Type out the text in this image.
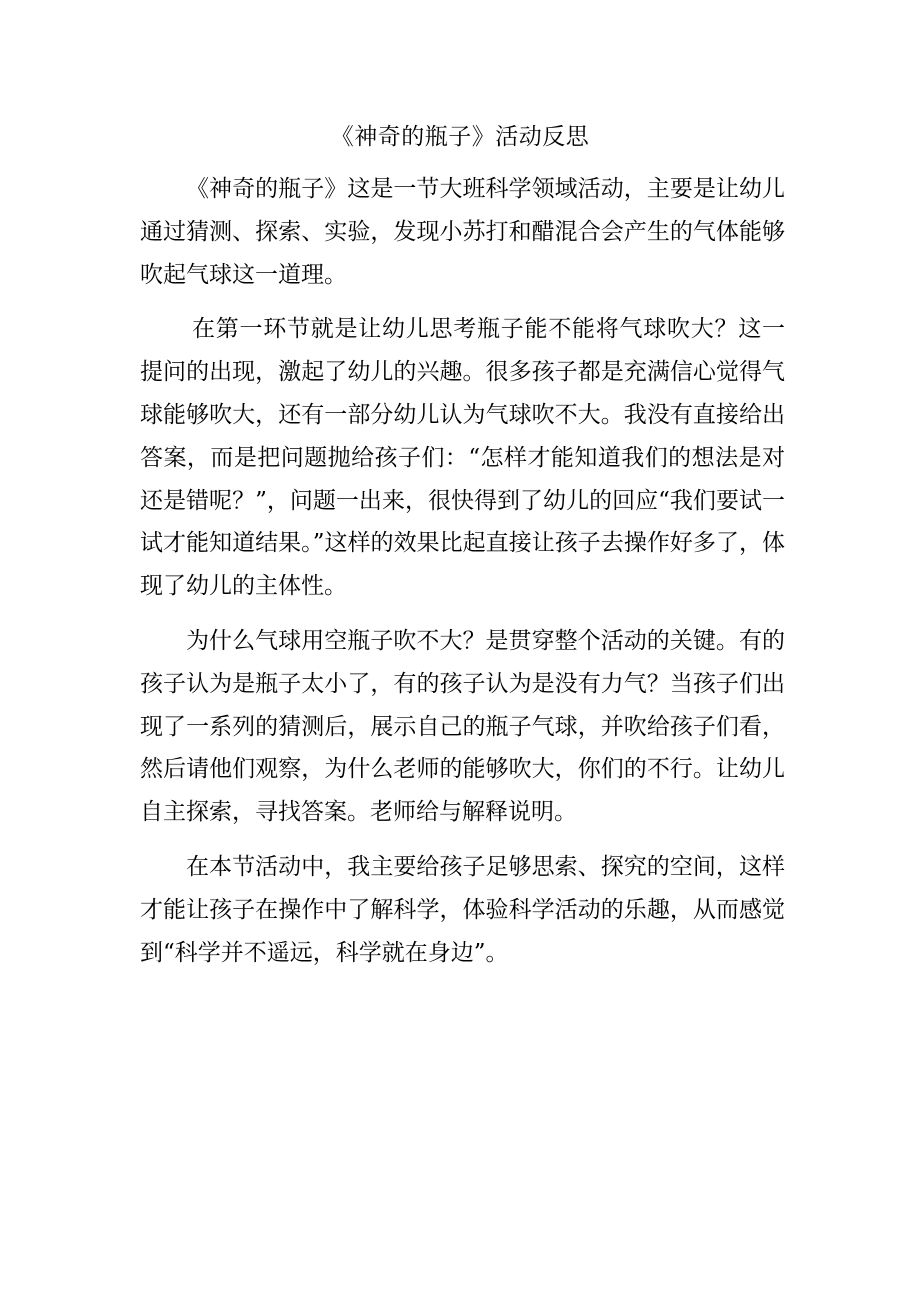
《神奇的瓶子》活动反思

《神奇的瓶子》这是一节大班科学领域活动，主要是让幼儿通过猜测、探索、实验，发现小苏打和醋混合会产生的气体能够吹起气球这一道理。

在第一环节就是让幼儿思考瓶子能不能将气球吹大？这一提问的出现，激起了幼儿的兴趣。很多孩子都是充满信心觉得气球能够吹大，还有一部分幼儿认为气球吹不大。我没有直接给出答案，而是把问题抛给孩子们：“怎样才能知道我们的想法是对还是错呢？”，问题一出来，很快得到了幼儿的回应“我们要试一试才能知道结果。”这样的效果比起直接让孩子去操作好多了，体现了幼儿的主体性。

为什么气球用空瓶子吹不大？是贯穿整个活动的关键。有的孩子认为是瓶子太小了，有的孩子认为是没有力气？当孩子们出现了一系列的猜测后，展示自己的瓶子气球，并吹给孩子们看，然后请他们观察，为什么老师的能够吹大，你们的不行。让幼儿自主探索，寻找答案。老师给与解释说明。

在本节活动中，我主要给孩子足够思索、探究的空间，这样才能让孩子在操作中了解科学，体验科学活动的乐趣，从而感觉到“科学并不遥远，科学就在身边”。
